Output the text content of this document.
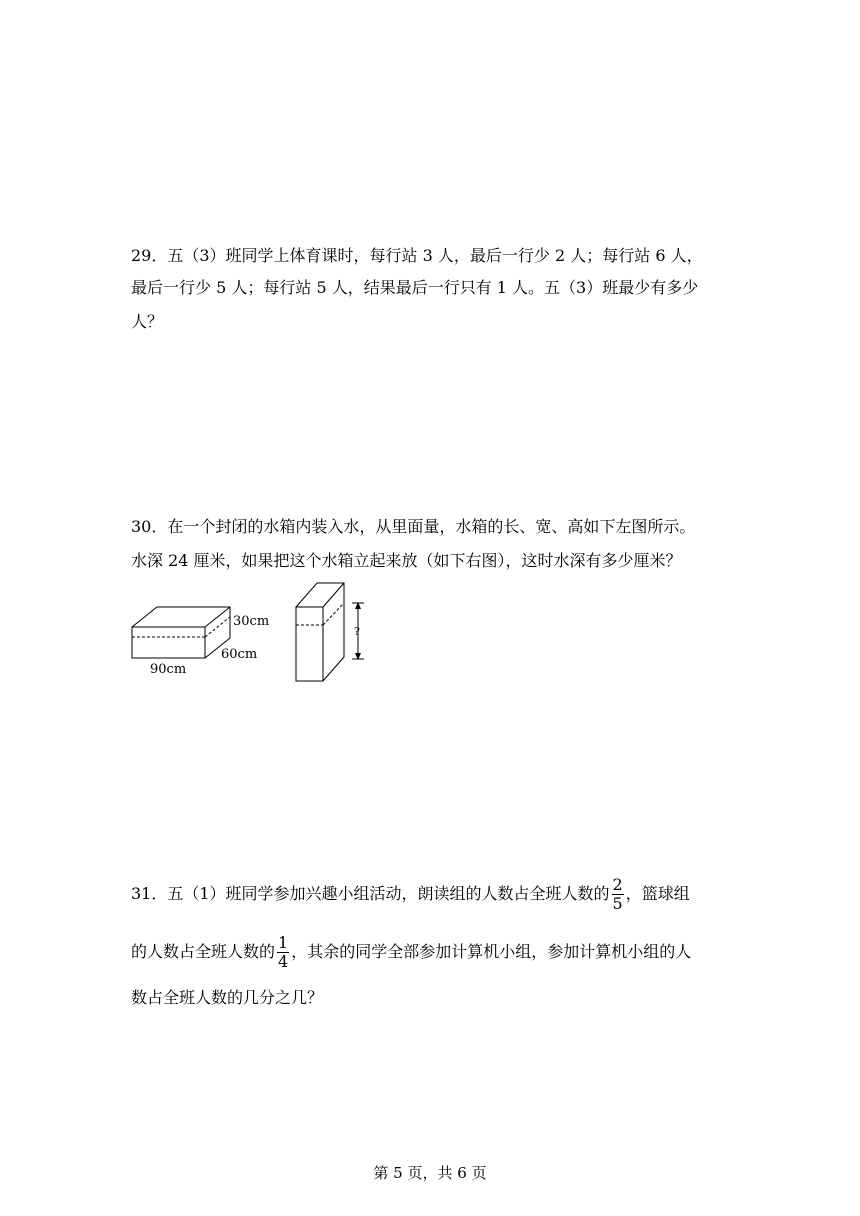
29．五（3）班同学上体育课时，每行站 3 人，最后一行少 2 人；每行站 6 人，
最后一行少 5 人；每行站 5 人，结果最后一行只有 1 人。五（3）班最少有多少
人？
30．在一个封闭的水箱内装入水，从里面量，水箱的长、宽、高如下左图所示。
水深 24 厘米，如果把这个水箱立起来放（如下右图），这时水深有多少厘米？
30cm
60cm
90cm
?
31．五（1）班同学参加兴趣小组活动，朗读组的人数占全班人数的 $\frac{2}{5}$ ，篮球组
的人数占全班人数的 $\frac{1}{4}$ ，其余的同学全部参加计算机小组，参加计算机小组的人
数占全班人数的几分之几？
第 5 页，共 6 页
